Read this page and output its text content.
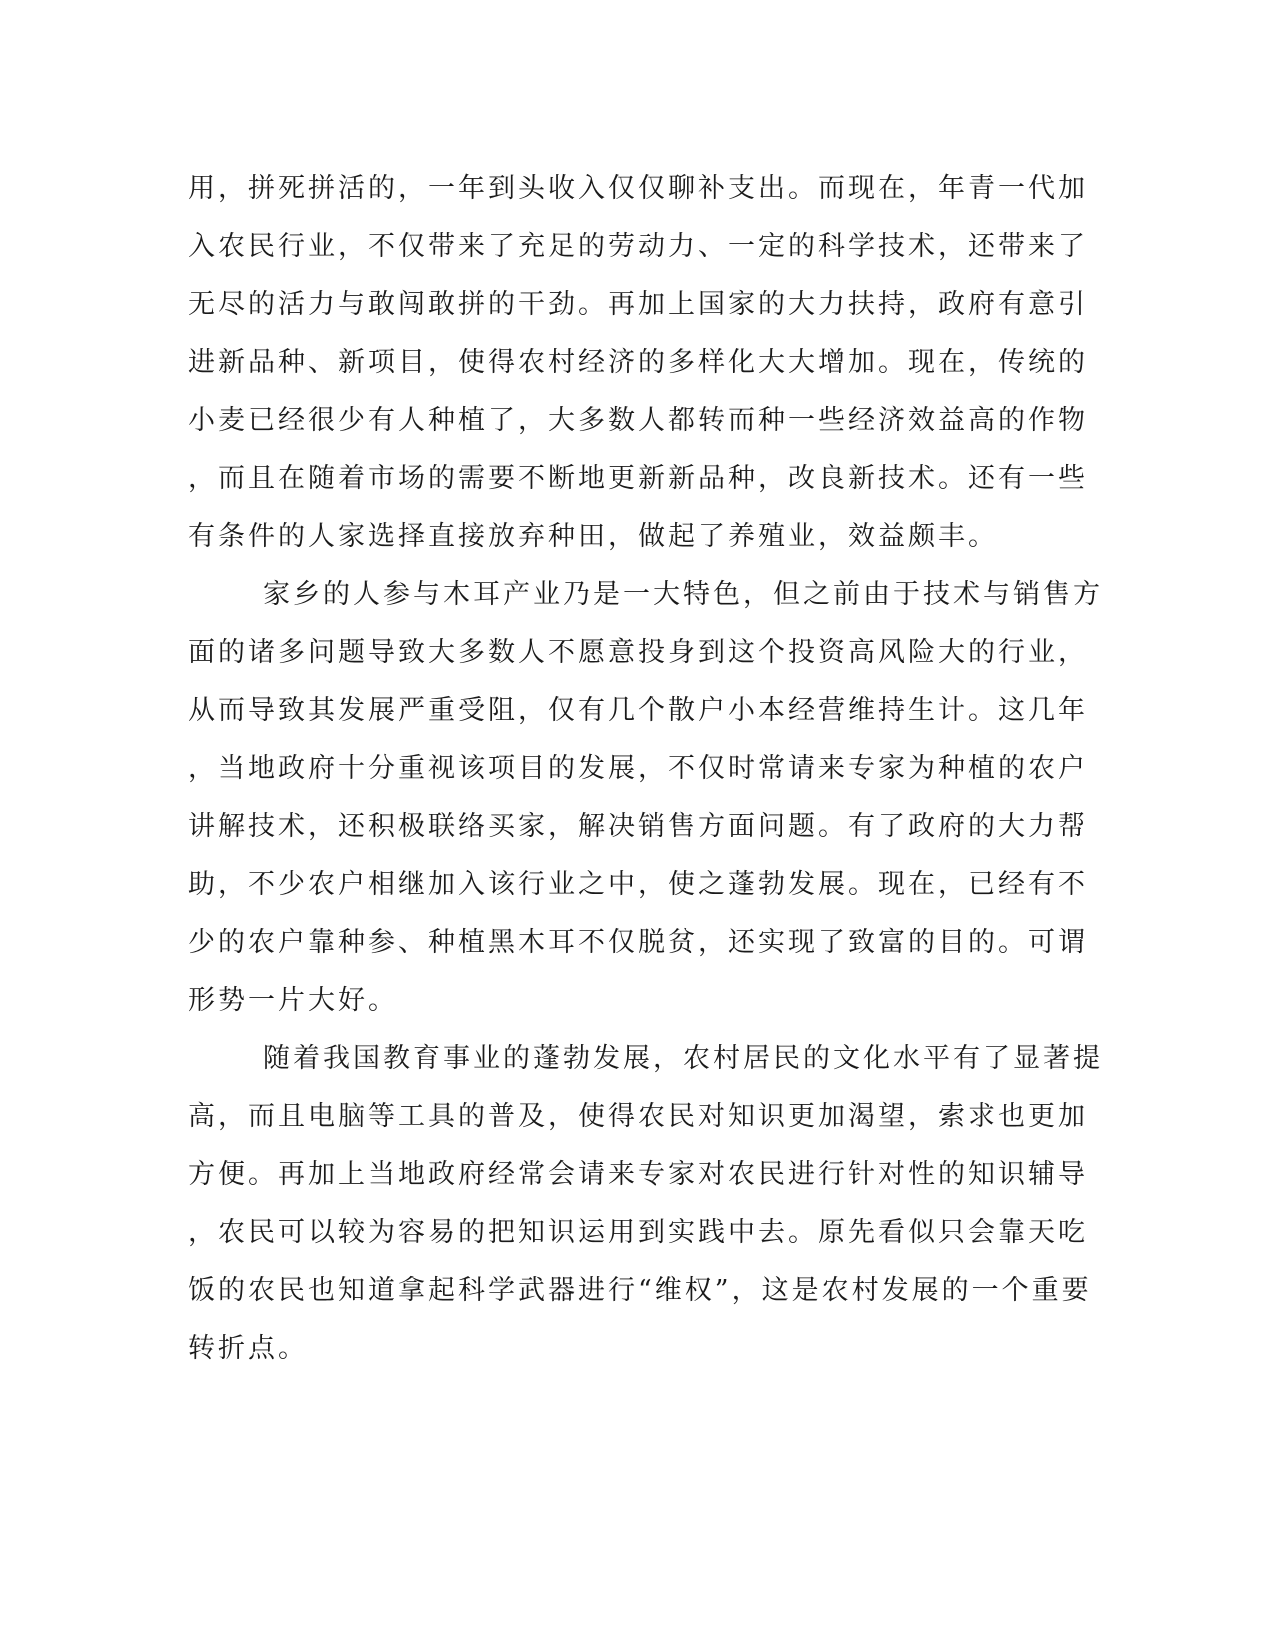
用，拼死拼活的，一年到头收入仅仅聊补支出。而现在，年青一代加
入农民行业，不仅带来了充足的劳动力、一定的科学技术，还带来了
无尽的活力与敢闯敢拼的干劲。再加上国家的大力扶持，政府有意引
进新品种、新项目，使得农村经济的多样化大大增加。现在，传统的
小麦已经很少有人种植了，大多数人都转而种一些经济效益高的作物
，而且在随着市场的需要不断地更新新品种，改良新技术。还有一些
有条件的人家选择直接放弃种田，做起了养殖业，效益颇丰。
家乡的人参与木耳产业乃是一大特色，但之前由于技术与销售方
面的诸多问题导致大多数人不愿意投身到这个投资高风险大的行业，
从而导致其发展严重受阻，仅有几个散户小本经营维持生计。这几年
，当地政府十分重视该项目的发展，不仅时常请来专家为种植的农户
讲解技术，还积极联络买家，解决销售方面问题。有了政府的大力帮
助，不少农户相继加入该行业之中，使之蓬勃发展。现在，已经有不
少的农户靠种参、种植黑木耳不仅脱贫，还实现了致富的目的。可谓
形势一片大好。
随着我国教育事业的蓬勃发展，农村居民的文化水平有了显著提
高，而且电脑等工具的普及，使得农民对知识更加渴望，索求也更加
方便。再加上当地政府经常会请来专家对农民进行针对性的知识辅导
，农民可以较为容易的把知识运用到实践中去。原先看似只会靠天吃
饭的农民也知道拿起科学武器进行“维权”，这是农村发展的一个重要
转折点。
